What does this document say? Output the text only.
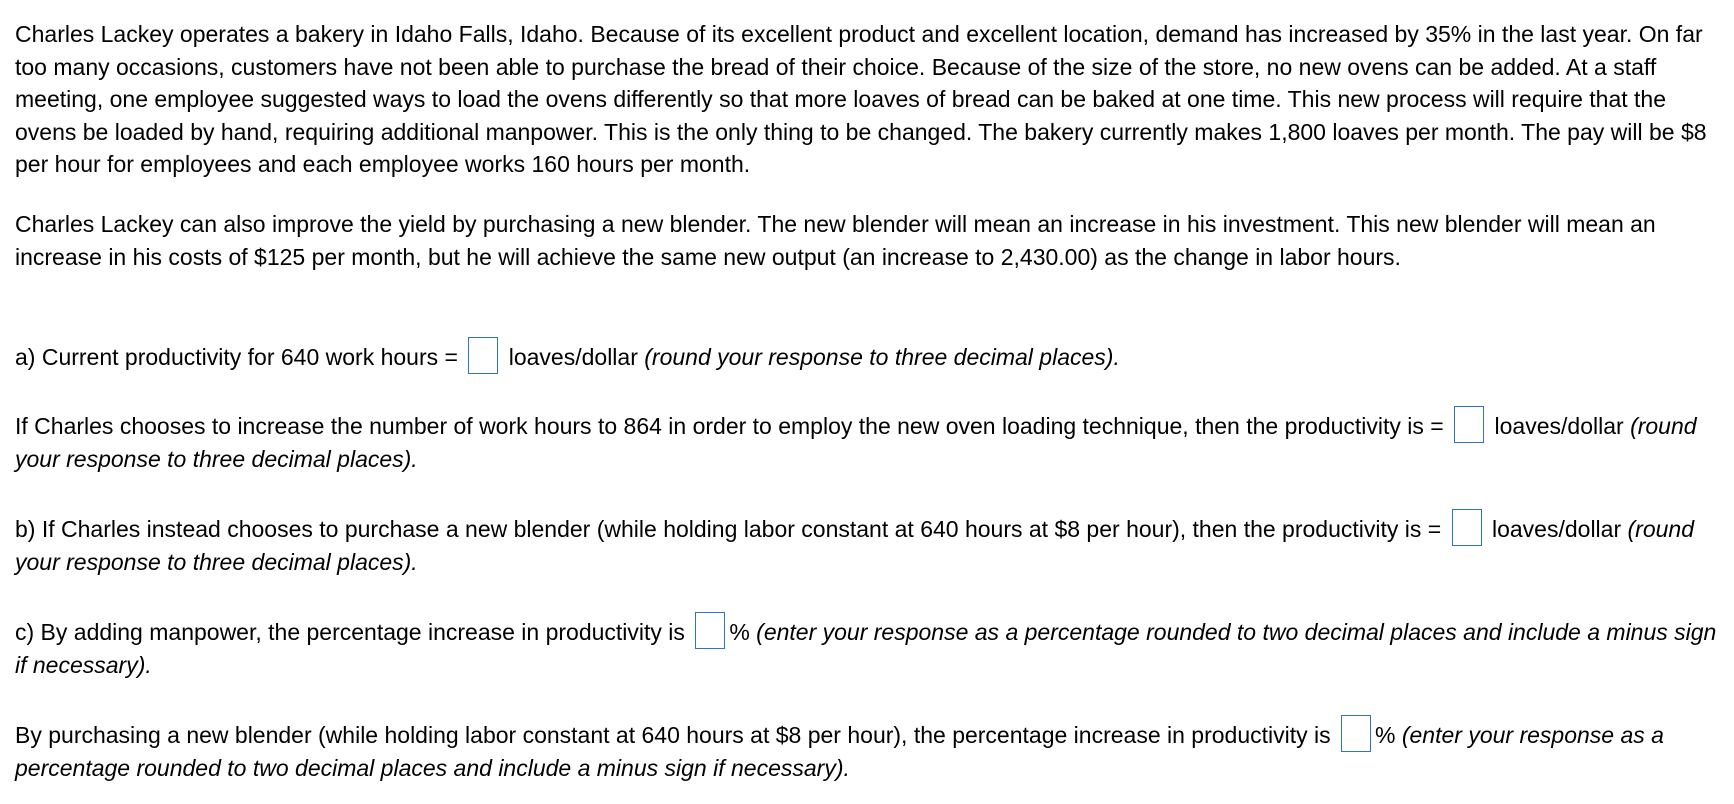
Charles Lackey operates a bakery in Idaho Falls, Idaho. Because of its excellent product and excellent location, demand has increased by 35% in the last year. On far too many occasions, customers have not been able to purchase the bread of their choice. Because of the size of the store, no new ovens can be added. At a staff meeting, one employee suggested ways to load the ovens differently so that more loaves of bread can be baked at one time. This new process will require that the ovens be loaded by hand, requiring additional manpower. This is the only thing to be changed. The bakery currently makes 1,800 loaves per month. The pay will be $8 per hour for employees and each employee works 160 hours per month.

Charles Lackey can also improve the yield by purchasing a new blender. The new blender will mean an increase in his investment. This new blender will mean an increase in his costs of $125 per month, but he will achieve the same new output (an increase to 2,430.00) as the change in labor hours.

a) Current productivity for 640 work hours =  loaves/dollar (round your response to three decimal places).

If Charles chooses to increase the number of work hours to 864 in order to employ the new oven loading technique, then the productivity is =  loaves/dollar (round your response to three decimal places).

b) If Charles instead chooses to purchase a new blender (while holding labor constant at 640 hours at $8 per hour), then the productivity is =  loaves/dollar (round your response to three decimal places).

c) By adding manpower, the percentage increase in productivity is % (enter your response as a percentage rounded to two decimal places and include a minus sign if necessary).

By purchasing a new blender (while holding labor constant at 640 hours at $8 per hour), the percentage increase in productivity is % (enter your response as a percentage rounded to two decimal places and include a minus sign if necessary).
